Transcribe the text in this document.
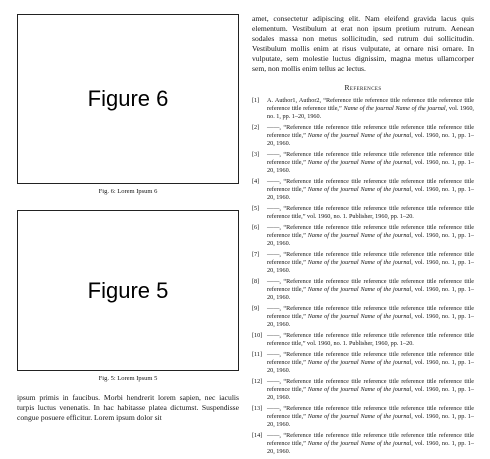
Figure 6
Fig. 6: Lorem Ipsum 6
Figure 5
Fig. 5: Lorem Ipsum 5

ipsum primis in faucibus. Morbi hendrerit lorem sapien, nec iaculis turpis luctus venenatis. In hac habitasse platea dictumst. Suspendisse congue posuere efficitur. Lorem ipsum dolor sit

amet, consectetur adipiscing elit. Nam eleifend gravida lacus quis elementum. Vestibulum at erat non ipsum pretium rutrum. Aenean sodales massa non metus sollicitudin, sed rutrum dui sollicitudin. Vestibulum mollis enim at risus vulputate, at ornare nisi ornare. In vulputate, sem molestie luctus dignissim, magna metus ullamcorper sem, non mollis enim tellus ac lectus.

References
[1]	A. Author1, Author2, “Reference title reference title reference title reference title reference title reference title,” Name of the journal Name of the journal, vol. 1960, no. 1, pp. 1–20, 1960.
[2]	——, “Reference title reference title reference title reference title reference title reference title,” Name of the journal Name of the journal, vol. 1960, no. 1, pp. 1–20, 1960.
[3]	——, “Reference title reference title reference title reference title reference title reference title,” Name of the journal Name of the journal, vol. 1960, no. 1, pp. 1–20, 1960.
[4]	——, “Reference title reference title reference title reference title reference title reference title,” Name of the journal Name of the journal, vol. 1960, no. 1, pp. 1–20, 1960.
[5]	——, “Reference title reference title reference title reference title reference title reference title,” vol. 1960, no. 1. Publisher, 1960, pp. 1–20.
[6]	——, “Reference title reference title reference title reference title reference title reference title,” Name of the journal Name of the journal, vol. 1960, no. 1, pp. 1–20, 1960.
[7]	——, “Reference title reference title reference title reference title reference title reference title,” Name of the journal Name of the journal, vol. 1960, no. 1, pp. 1–20, 1960.
[8]	——, “Reference title reference title reference title reference title reference title reference title,” Name of the journal Name of the journal, vol. 1960, no. 1, pp. 1–20, 1960.
[9]	——, “Reference title reference title reference title reference title reference title reference title,” Name of the journal Name of the journal, vol. 1960, no. 1, pp. 1–20, 1960.
[10] ——, “Reference title reference title reference title reference title reference title reference title,” vol. 1960, no. 1. Publisher, 1960, pp. 1–20.
[11] ——, “Reference title reference title reference title reference title reference title reference title,” Name of the journal Name of the journal, vol. 1960, no. 1, pp. 1–20, 1960.
[12] ——, “Reference title reference title reference title reference title reference title reference title,” Name of the journal Name of the journal, vol. 1960, no. 1, pp. 1–20, 1960.
[13] ——, “Reference title reference title reference title reference title reference title reference title,” Name of the journal Name of the journal, vol. 1960, no. 1, pp. 1–20, 1960.
[14] ——, “Reference title reference title reference title reference title reference title reference title,” Name of the journal Name of the journal, vol. 1960, no. 1, pp. 1–20, 1960.
